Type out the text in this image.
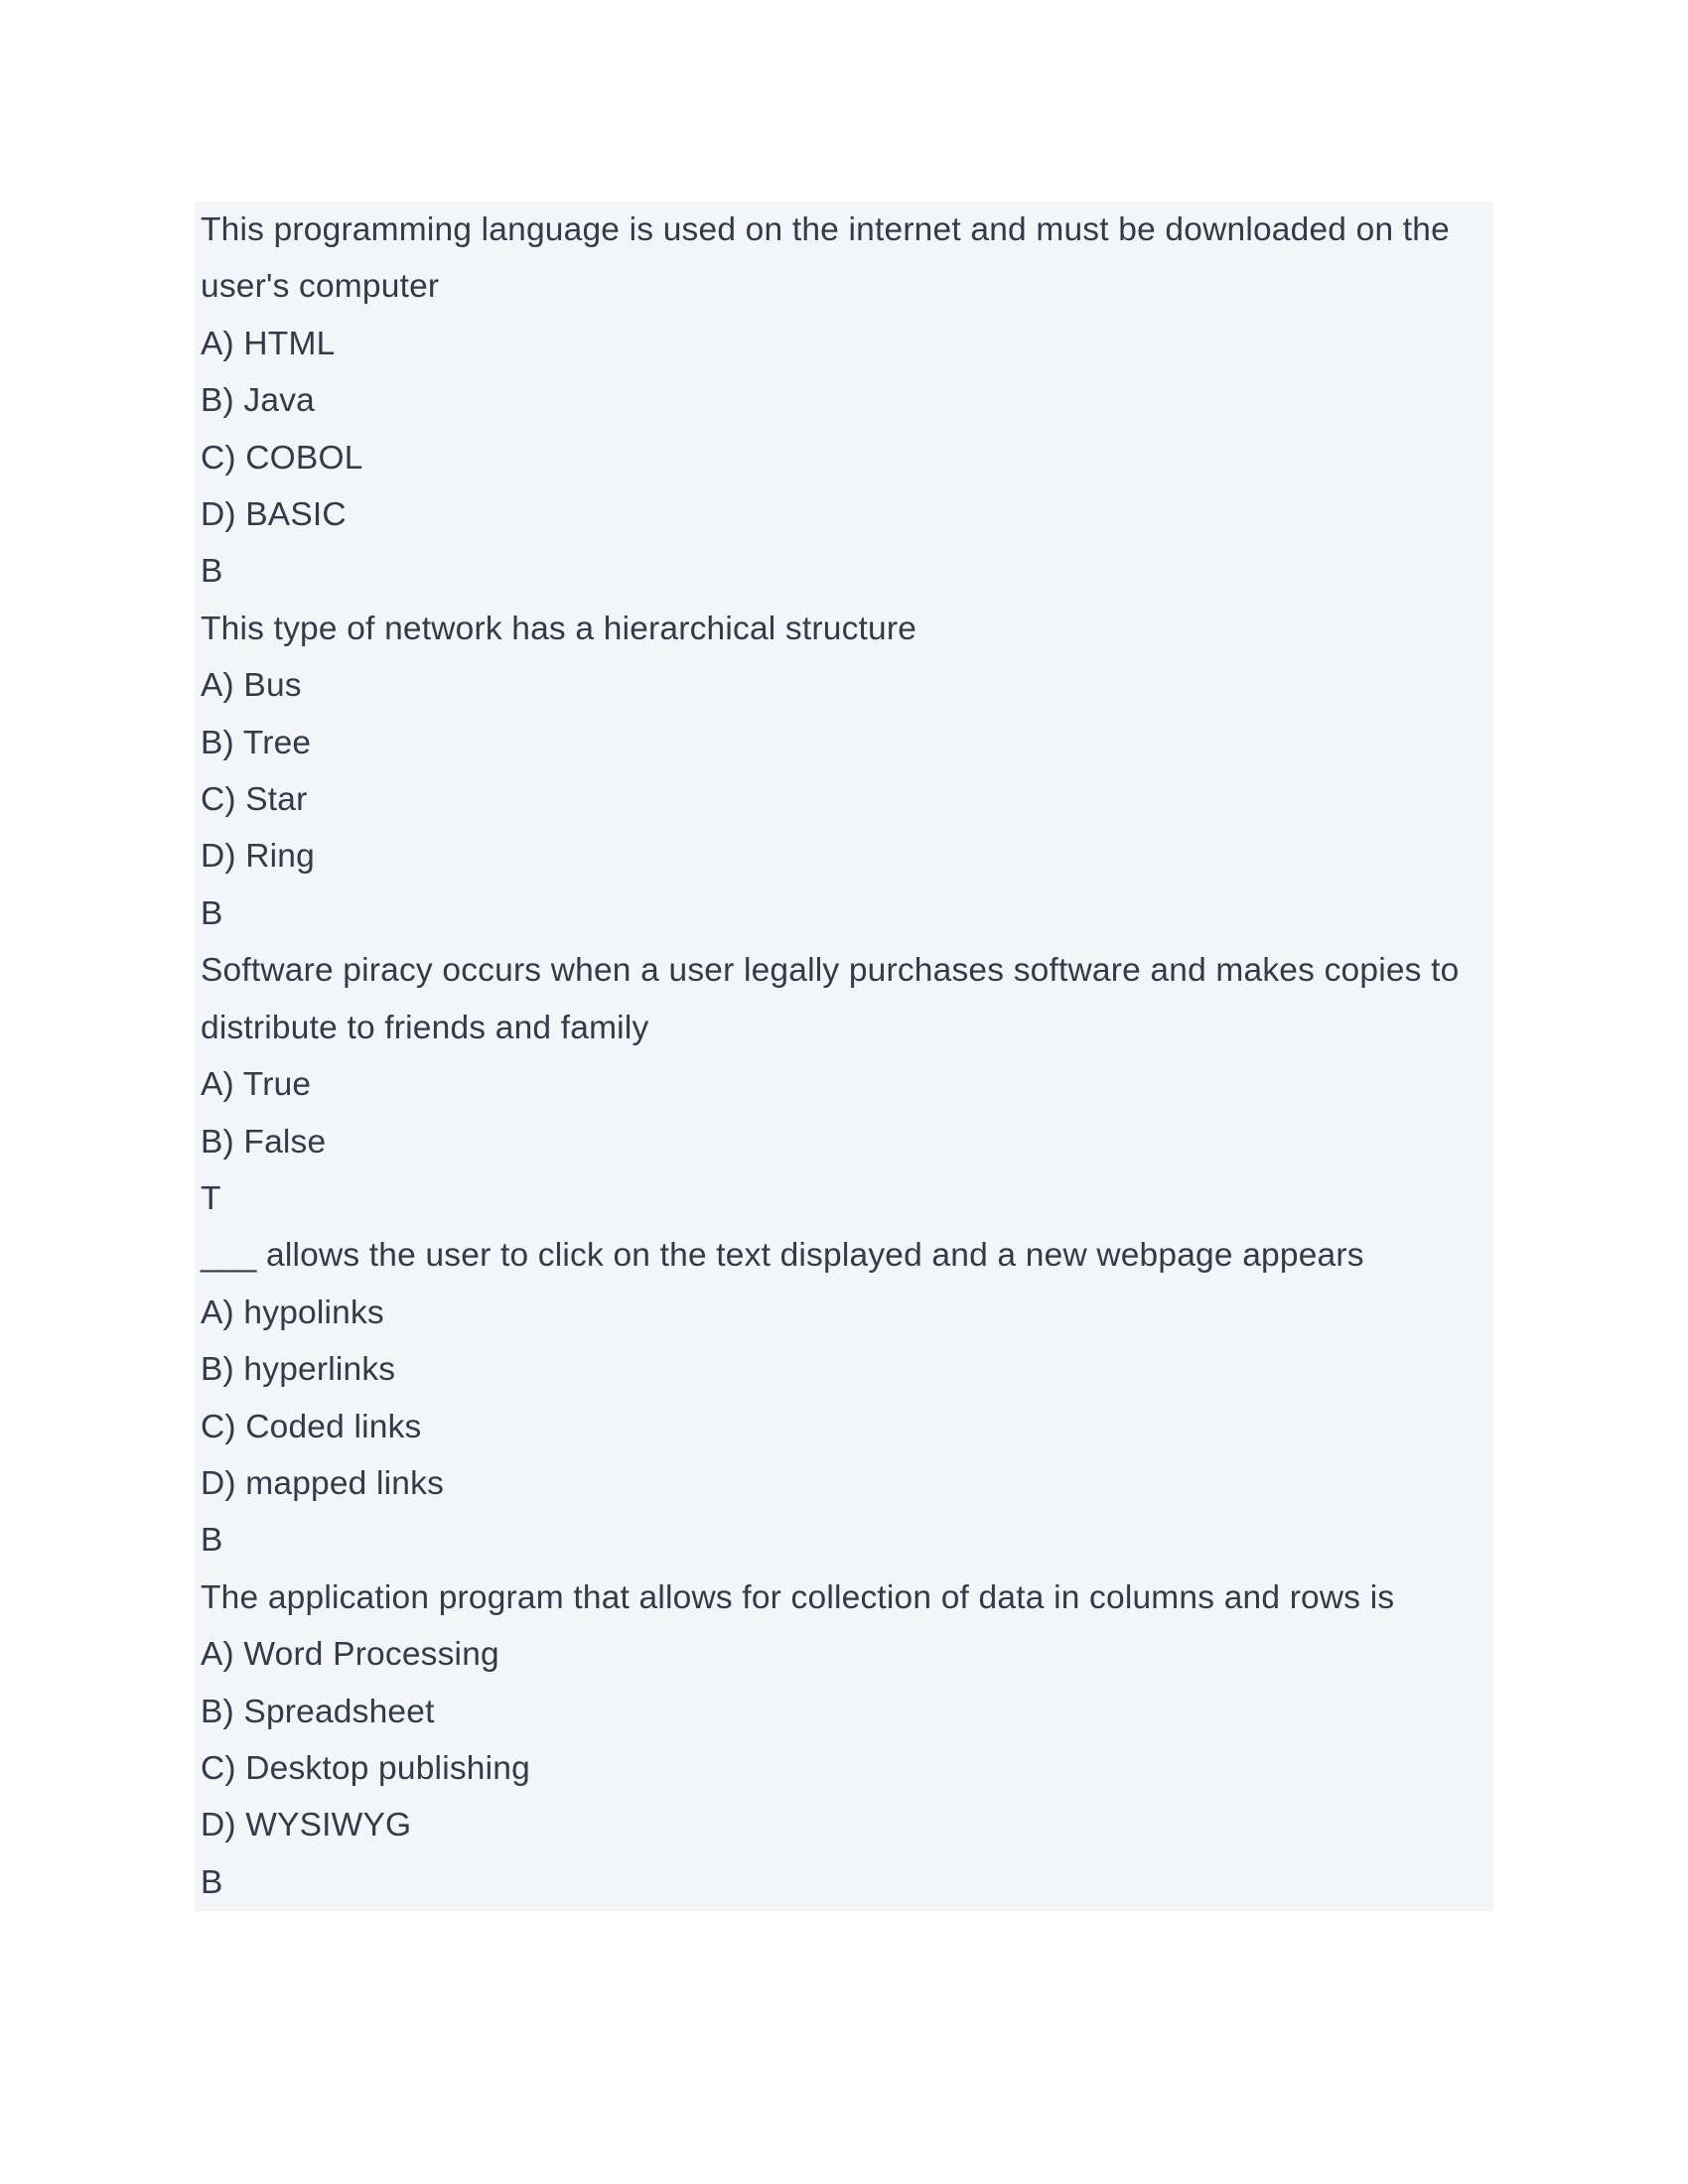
This programming language is used on the internet and must be downloaded on the

user's computer

A) HTML

B) Java

C) COBOL

D) BASIC

B

This type of network has a hierarchical structure

A) Bus

B) Tree

C) Star

D) Ring

B

Software piracy occurs when a user legally purchases software and makes copies to

distribute to friends and family

A) True

B) False

T

___ allows the user to click on the text displayed and a new webpage appears

A) hypolinks

B) hyperlinks

C) Coded links

D) mapped links

B

The application program that allows for collection of data in columns and rows is

A) Word Processing

B) Spreadsheet

C) Desktop publishing

D) WYSIWYG

B
